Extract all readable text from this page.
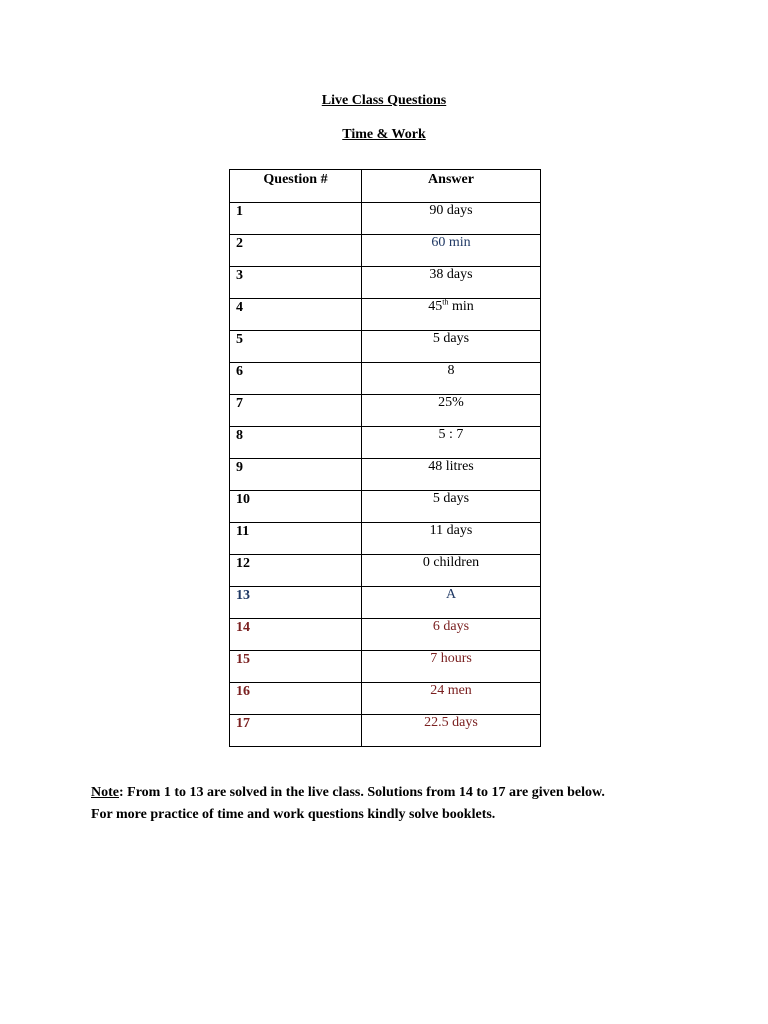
Live Class Questions
Time & Work
Question #	Answer
1	90 days
2	60 min
3	38 days
4	45th min
5	5 days
6	8
7	25%
8	5 : 7
9	48 litres
10	5 days
11	11 days
12	0 children
13	A
14	6 days
15	7 hours
16	24 men
17	22.5 days
Note: From 1 to 13 are solved in the live class. Solutions from 14 to 17 are given below.
For more practice of time and work questions kindly solve booklets.
